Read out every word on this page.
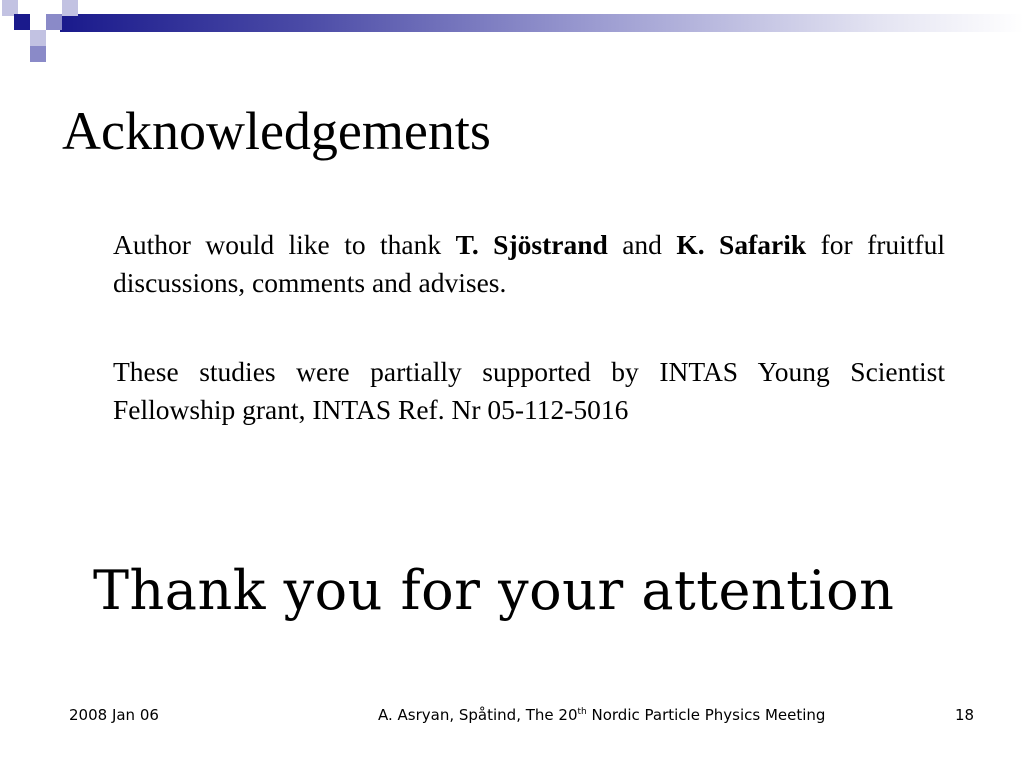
Acknowledgements
Author would like to thank T. Sjöstrand and K. Safarik for fruitful discussions, comments and advises.
These studies were partially supported by INTAS Young Scientist Fellowship grant, INTAS Ref. Nr 05-112-5016
Thank you for your attention
2008 Jan 06	A. Asryan, Spåtind, The 20th Nordic Particle Physics Meeting	18
